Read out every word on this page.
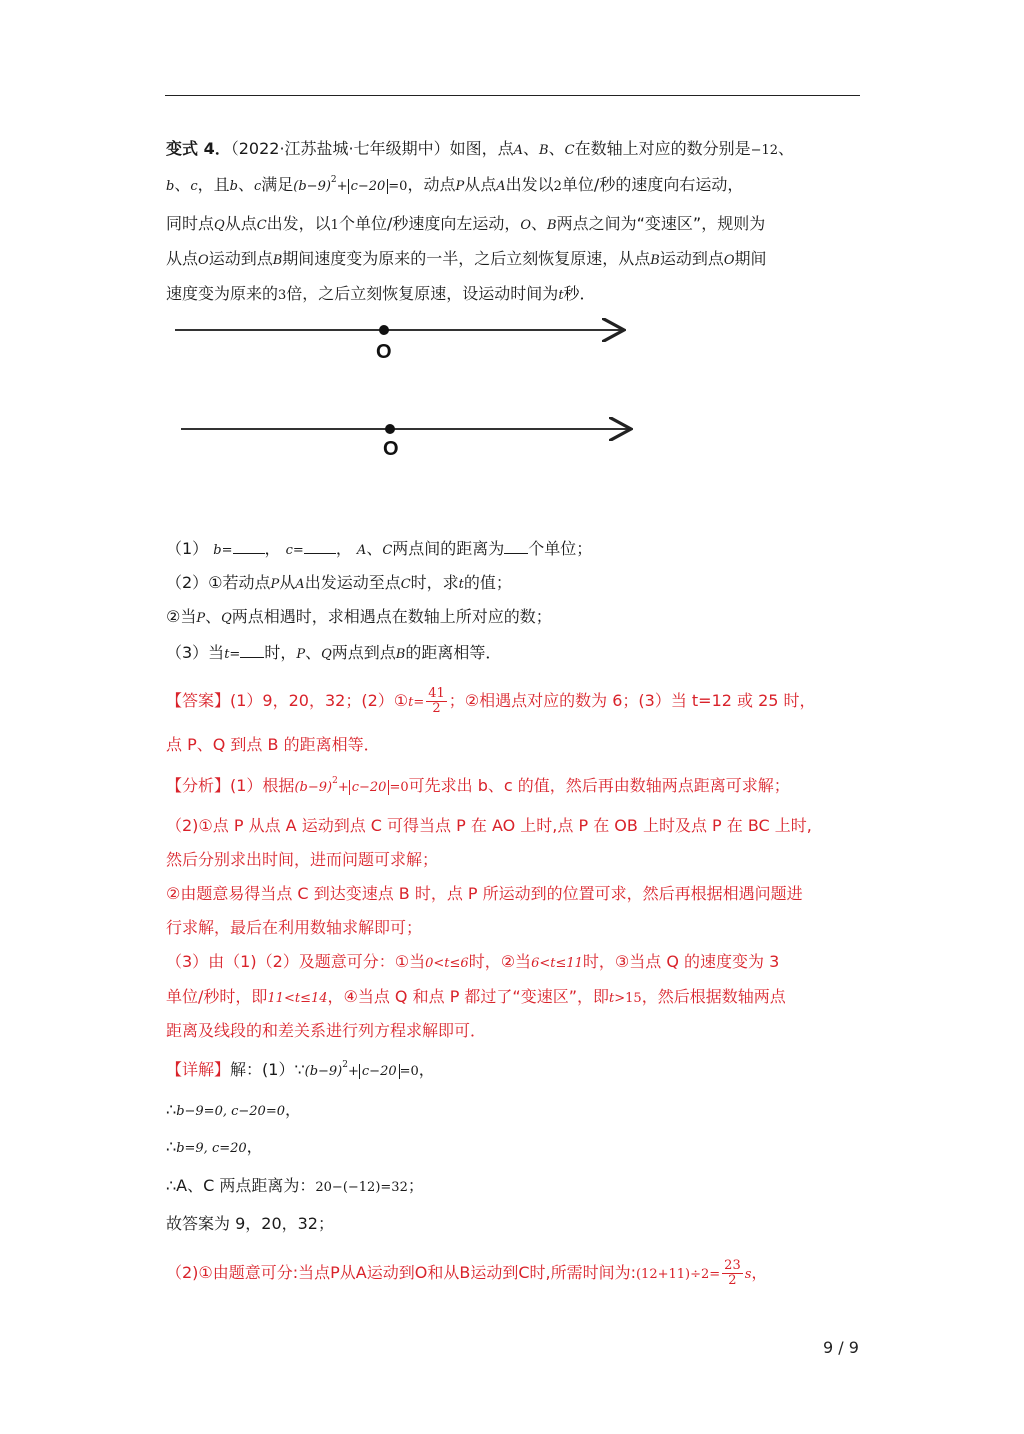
变式 4．（2022·江苏盐城·七年级期中）如图，点A、B、C在数轴上对应的数分别是−12、
b、c，且b、c满足$(b-9)^2+ c-20 =0$，动点P从点A出发以2单位/秒的速度向右运动，
同时点Q从点C出发，以1个单位/秒速度向左运动，O、B两点之间为“变速区”，规则为
从点O运动到点B期间速度变为原来的一半，之后立刻恢复原速，从点B运动到点O期间
速度变为原来的3倍，之后立刻恢复原速，设运动时间为t秒．
O
O
（1） b= ， c= ， A、C两点间的距离为 个单位；
（2）①若动点P从A出发运动至点C时，求t的值；
②当P、Q两点相遇时，求相遇点在数轴上所对应的数；
（3）当t= 时，P、Q两点到点B的距离相等．
【答案】(1）9，20，32；(2）①t= $\frac{41}{2}$ ；②相遇点对应的数为 6；(3）当 t=12 或 25 时，
点 P、Q 到点 B 的距离相等．
【分析】(1）根据$(b-9)^2+ c-20 =0$可先求出 b、c 的值，然后再由数轴两点距离可求解；
（2)①点 P 从点 A 运动到点 C 可得当点 P 在 AO 上时,点 P 在 OB 上时及点 P 在 BC 上时,
然后分别求出时间，进而问题可求解；
②由题意易得当点 C 到达变速点 B 时，点 P 所运动到的位置可求，然后再根据相遇问题进
行求解，最后在利用数轴求解即可；
（3）由（1)（2）及题意可分：①当0<t≤6时，②当6<t≤11时，③当点 Q 的速度变为 3
单位/秒时，即11<t≤14，④当点 Q 和点 P 都过了“变速区”，即t>15，然后根据数轴两点
距离及线段的和差关系进行列方程求解即可．
【详解】解：$(1)\because(b-9)^2+ c-20 =0$，
∴b−9=0, c−20=0，
∴b=9, c=20，
∴A、C 两点距离为：20−(−12)=32；
故答案为 9，20，32；
（2)①由题意可分:当点P从A运动到O和从B运动到C时,所需时间为:(12+11)÷2= $\frac{23}{2}$ s，
9 / 9
